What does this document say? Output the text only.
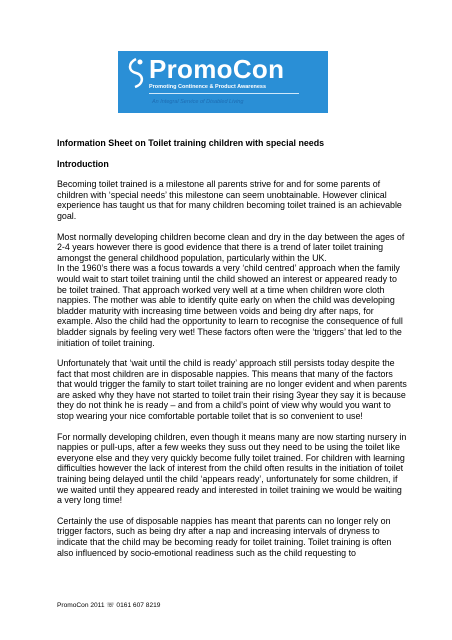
PromoCon
Promoting Continence & Product Awareness
An Integral Service of Disabled Living
Information Sheet on Toilet training children with special needs
Introduction

Becoming toilet trained is a milestone all parents strive for and for some parents of children with ‘special needs’ this milestone can seem unobtainable. However clinical experience has taught us that for many children becoming toilet trained is an achievable goal.

Most normally developing children become clean and dry in the day between the ages of 2-4 years however there is good evidence that there is a trend of later toilet training amongst the general childhood population, particularly within the UK.

In the 1960’s there was a focus towards a very ‘child centred’ approach when the family would wait to start toilet training until the child showed an interest or appeared ready to be toilet trained. That approach worked very well at a time when children wore cloth nappies. The mother was able to identify quite early on when the child was developing bladder maturity with increasing time between voids and being dry after naps, for example. Also the child had the opportunity to learn to recognise the consequence of full bladder signals by feeling very wet! These factors often were the ‘triggers’ that led to the initiation of toilet training.

Unfortunately that ‘wait until the child is ready’ approach still persists today despite the fact that most children are in disposable nappies. This means that many of the factors that would trigger the family to start toilet training are no longer evident and when parents are asked why they have not started to toilet train their rising 3year they say it is because they do not think he is ready – and from a child’s point of view why would you want to stop wearing your nice comfortable portable toilet that is so convenient to use!

For normally developing children, even though it means many are now starting nursery in nappies or pull-ups, after a few weeks they suss out they need to be using the toilet like everyone else and they very quickly become fully toilet trained. For children with learning difficulties however the lack of interest from the child often results in the initiation of toilet training being delayed until the child ‘appears ready’, unfortunately for some children, if we waited until they appeared ready and interested in toilet training we would be waiting a very long time!

Certainly the use of disposable nappies has meant that parents can no longer rely on trigger factors, such as being dry after a nap and increasing intervals of dryness to indicate that the child may be becoming ready for toilet training. Toilet training is often also influenced by socio-emotional readiness such as the child requesting to

PromoCon 2011 ☏ 0161 607 8219
